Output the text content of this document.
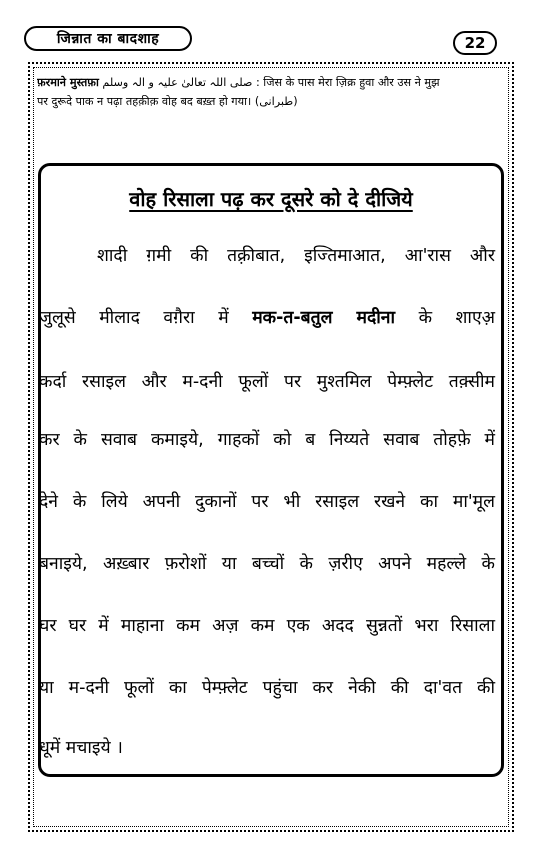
जिन्नात का बादशाह	22
फ़रमाने मुस्तफ़ा صلی اللہ تعالیٰ علیہ و الہ وسلم : जिस के पास मेरा ज़िक्र हुवा और उस ने मुझ
पर दुरूदे पाक न पढ़ा तहक़ीक़ वोह बद बख़्त हो गया। (طبرانی)
वोह रिसाला पढ़ कर दूसरे को दे दीजिये
शादी ग़मी की तक़्रीबात, इज्तिमाआत, आ'रास और
जुलूसे मीलाद वग़ैरा में मक-त-बतुल मदीना के शाएअ़
कर्दा रसाइल और म-दनी फूलों पर मुश्तमिल पेम्फ़्लेट तक़्सीम
कर के सवाब कमाइये, गाहकों को ब निय्यते सवाब तोहफ़े में
देने के लिये अपनी दुकानों पर भी रसाइल रखने का मा'मूल
बनाइये, अख़्बार फ़रोशों या बच्चों के ज़रीए अपने महल्ले के
घर घर में माहाना कम अज़ कम एक अदद सुन्नतों भरा रिसाला
या म-दनी फूलों का पेम्फ़्लेट पहुंचा कर नेकी की दा'वत की
धूमें मचाइये ।
